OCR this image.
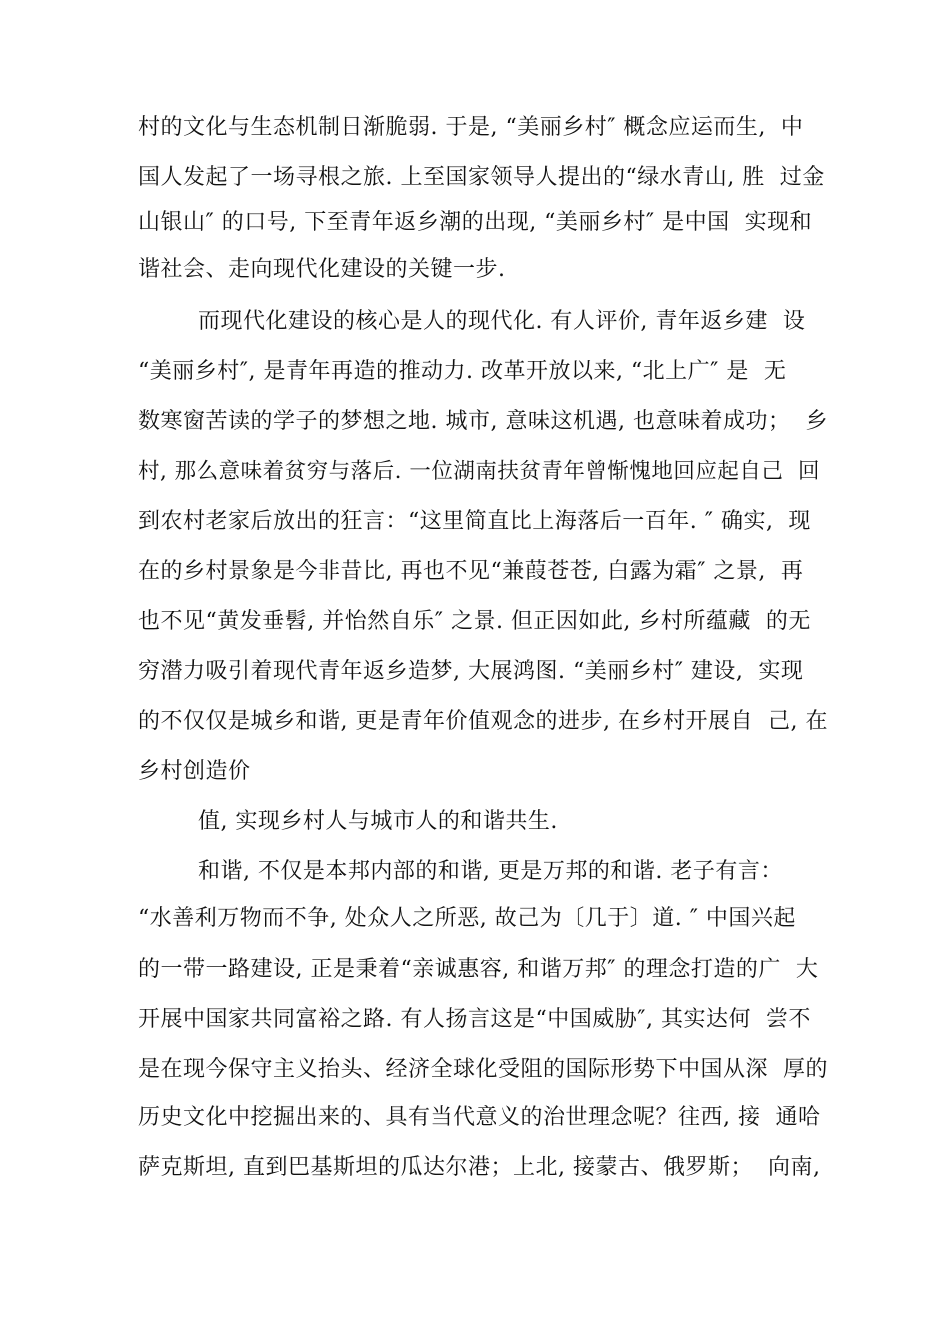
村的文化与生态机制日渐脆弱. 于是, “美丽乡村″ 概念应运而生,  中
国人发起了一场寻根之旅. 上至国家领导人提出的“绿水青山, 胜  过金
山银山″ 的口号, 下至青年返乡潮的出现, “美丽乡村″ 是中国  实现和
谐社会、走向现代化建设的关键一步.
而现代化建设的核心是人的现代化. 有人评价, 青年返乡建  设
“美丽乡村″, 是青年再造的推动力. 改革开放以来, “北上广″ 是  无
数寒窗苦读的学子的梦想之地. 城市, 意味这机遇, 也意味着成功；  乡
村, 那么意味着贫穷与落后. 一位湖南扶贫青年曾惭愧地回应起自己  回
到农村老家后放出的狂言：“这里简直比上海落后一百年. ″ 确实,  现
在的乡村景象是今非昔比, 再也不见“兼葭苍苍, 白露为霜″ 之景,  再
也不见“黄发垂髫, 并怡然自乐″ 之景. 但正因如此, 乡村所蕴藏  的无
穷潜力吸引着现代青年返乡造梦, 大展鸿图. “美丽乡村″ 建设,  实现
的不仅仅是城乡和谐, 更是青年价值观念的进步, 在乡村开展自  己, 在
乡村创造价
值, 实现乡村人与城市人的和谐共生.
和谐, 不仅是本邦内部的和谐, 更是万邦的和谐. 老子有言：
“水善利万物而不争, 处众人之所恶, 故己为〔几于〕道. ″ 中国兴起
的一带一路建设, 正是秉着“亲诚惠容, 和谐万邦″ 的理念打造的广  大
开展中国家共同富裕之路. 有人扬言这是“中国威胁″, 其实达何  尝不
是在现今保守主义抬头、经济全球化受阻的国际形势下中国从深  厚的
历史文化中挖掘出来的、具有当代意义的治世理念呢？往西, 接  通哈
萨克斯坦, 直到巴基斯坦的瓜达尔港；上北, 接蒙古、俄罗斯；  向南,
